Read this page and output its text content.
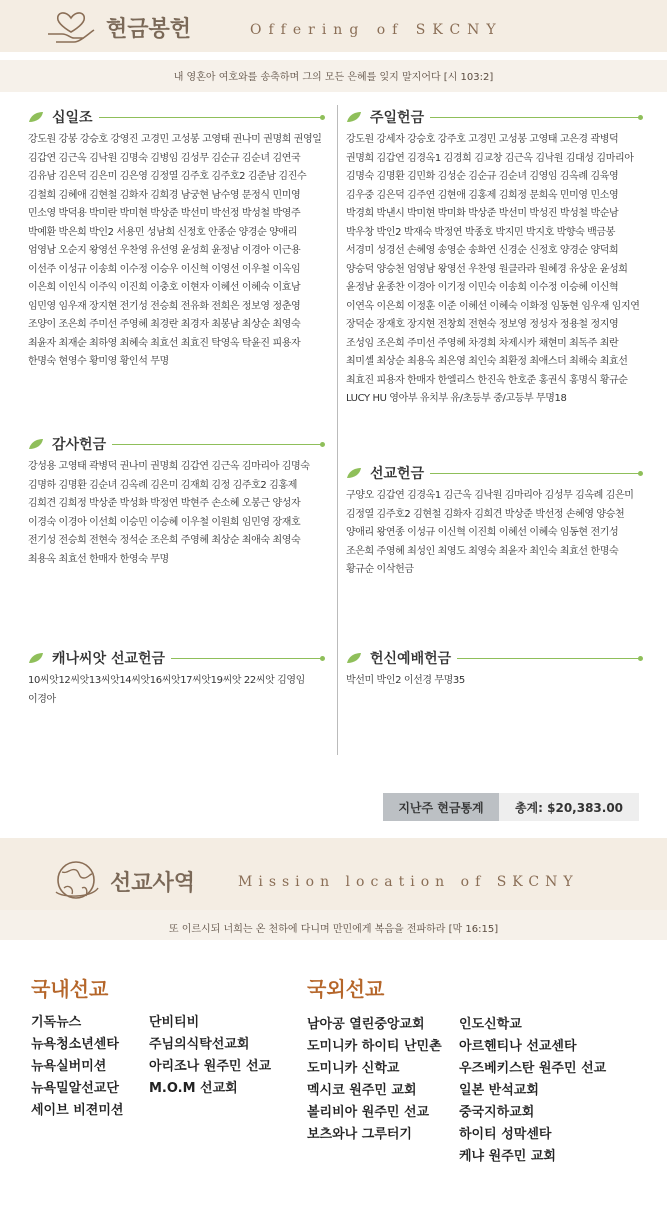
현금봉헌	Offering of SKCNY
내 영혼아 여호와를 송축하며 그의 모든 은혜를 잊지 말지어다 [시 103:2]
십일조
강도원 강봉 강승호 강영진 고경민 고성봉 고영태 권나미 권명희 권영일 김갑연 김근옥 김낙원 김명숙 김병임 김성무 김순규 김순녀 김연국 김유남 김은덕 김은미 김은영 김정열 김주호 김주호2 김준남 김진수 김철희 김혜애 김현철 김화자 김희경 남궁현 남수영 문정식 민미영 민소영 박덕용 박미란 박미현 박상준 박선미 박선정 박성철 박영주 박예환 박은희 박인2 서용민 성남희 신정호 안종순 양경순 양애리 엄영남 오순지 왕영선 우찬영 유선영 윤성희 윤정남 이경아 이근용 이선주 이성규 이송희 이수정 이승우 이신혁 이영선 이우철 이옥임 이은희 이인식 이주익 이진희 이충호 이현자 이혜선 이혜숙 이효남 임민영 임우재 장지현 전기성 전승희 전유화 전희은 정보영 정춘영 조양이 조은희 주미선 주영혜 최경란 최경자 최봉남 최상순 최영숙 최윤자 최재순 최하영 최혜숙 최효선 최효진 탁영옥 탁윤진 피용자 한명숙 현영수 황미영 황인석 무명
감사헌금
강성용 고영태 곽병덕 권나미 권명희 김갑연 김근옥 김마리아 김명숙 김명하 김명환 김순녀 김옥례 김은미 김재희 김정 김주호2 김홍제 김희견 김희정 박상준 박성화 박정연 박현주 손소혜 오봉근 양성자 이경숙 이경아 이선희 이승민 이승혜 이우철 이원희 임민영 장재호 전기성 전승희 전현숙 정석순 조은희 주영혜 최상순 최애숙 최영숙 최용옥 최효선 한매자 한영숙 무명
캐나씨앗 선교헌금
10씨앗12씨앗13씨앗14씨앗16씨앗17씨앗19씨앗 22씨앗 김영임 이경아
주일헌금
강도원 강세자 강승호 강주호 고경민 고성봉 고영태 고은경 곽병덕 권명희 김갑연 김경옥1 김경희 김교창 김근옥 김낙원 김대성 김마리아 김명숙 김명환 김민화 김성순 김순규 김순녀 김영임 김옥례 김육영 김우중 김은덕 김주연 김현애 김홍제 김희정 문희옥 민미영 민소영 박경희 박낸시 박미현 박미화 박상준 박선미 박성진 박성철 박순남 박우창 박인2 박재숙 박정연 박종호 박지민 박지호 박향숙 백금봉 서경미 성경선 손혜영 송영순 송화연 신경순 신정호 양경순 양덕희 양승덕 양승천 엄영남 왕영선 우찬영 원클라라 원혜경 유상운 윤성희 윤정남 윤종찬 이경아 이기정 이민숙 이송희 이수정 이승혜 이신혁 이연옥 이은희 이정훈 이준 이혜선 이혜숙 이화정 임동현 임우재 임지연 장덕순 장재호 장지현 전창희 전현숙 정보영 정성자 정용철 정지영 조성임 조은희 주미선 주영혜 차경희 차제시카 채현미 최독주 최란 최미셸 최상순 최용옥 최은영 최인숙 최환정 최애스더 최해숙 최효선 최효진 피용자 한매자 한엘리스 한진옥 한호준 홍권식 홍명식 황규순 LUCY HU 영아부 유치부 유/초등부 중/고등부 무명18
선교헌금
구양오 김갑연 김경옥1 김근옥 김낙원 김마리아 김성무 김옥례 김은미 김정열 김주호2 김현철 김화자 김희견 박상준 박선정 손혜영 양승천 양애리 왕연종 이성규 이신혁 이진희 이혜선 이혜숙 임동현 전기성 조은희 주영혜 최성인 최영도 최영숙 최윤자 최인숙 최효선 한명숙 황규순 이삭헌금
헌신예배헌금
박선미 박인2 이선경 무명35
지난주 현금통계	총계: $20,383.00
선교사역	Mission location of SKCNY
또 이르시되 너희는 온 천하에 다니며 만민에게 복음을 전파하라 [막 16:15]
국내선교
기독뉴스
뉴욕청소년센타
뉴욕실버미션
뉴욕밀알선교단
세이브 비젼미션
단비티비
주님의식탁선교회
아리조나 원주민 선교
M.O.M 선교회
국외선교
남아공 열린중앙교회
도미니카 하이티 난민촌
도미니카 신학교
멕시코 원주민 교회
볼리비아 원주민 선교
보츠와나 그루터기
인도신학교
아르헨티나 선교센타
우즈베키스탄 원주민 선교
일본 반석교회
중국지하교회
하이티 성막센타
케냐 원주민 교회
